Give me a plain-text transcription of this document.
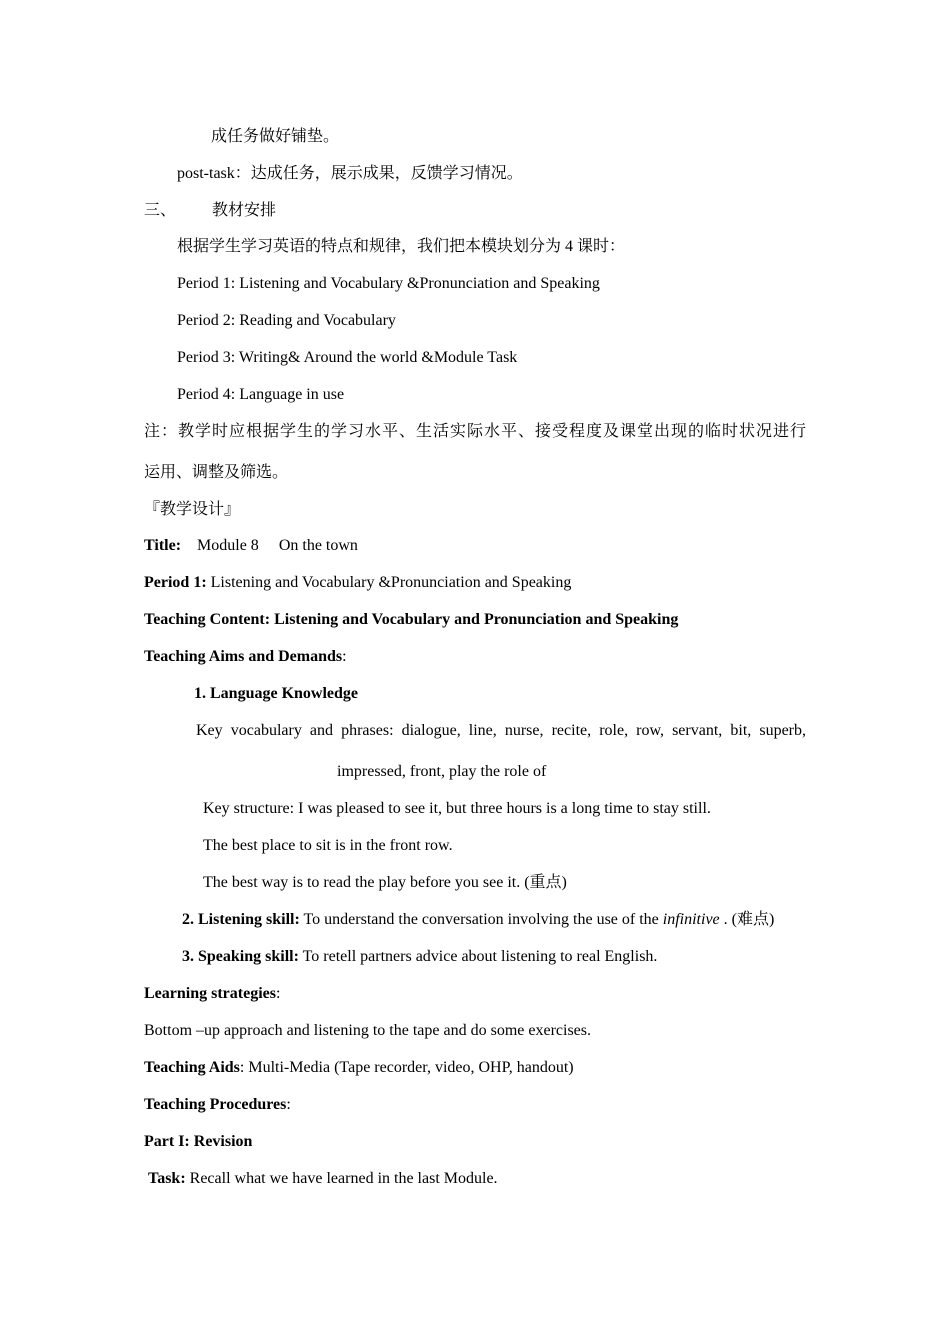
成任务做好铺垫。
post-task：达成任务，展示成果，反馈学习情况。
三、 教材安排
根据学生学习英语的特点和规律，我们把本模块划分为 4 课时：
Period 1: Listening and Vocabulary &Pronunciation and Speaking
Period 2: Reading and Vocabulary
Period 3: Writing& Around the world &Module Task
Period 4: Language in use
注：教学时应根据学生的学习水平、生活实际水平、接受程度及课堂出现的临时状况进行
运用、调整及筛选。
『教学设计』
Title: Module 8 On the town
Period 1: Listening and Vocabulary &Pronunciation and Speaking
Teaching Content: Listening and Vocabulary and Pronunciation and Speaking
Teaching Aims and Demands:
1. Language Knowledge
Key vocabulary and phrases: dialogue, line, nurse, recite, role, row, servant, bit, superb,
impressed, front, play the role of
Key structure: I was pleased to see it, but three hours is a long time to stay still.
The best place to sit is in the front row.
The best way is to read the play before you see it. (重点)
2. Listening skill: To understand the conversation involving the use of the infinitive . (难点)
3. Speaking skill: To retell partners advice about listening to real English.
Learning strategies:
Bottom –up approach and listening to the tape and do some exercises.
Teaching Aids: Multi-Media (Tape recorder, video, OHP, handout)
Teaching Procedures:
Part I: Revision
Task: Recall what we have learned in the last Module.
